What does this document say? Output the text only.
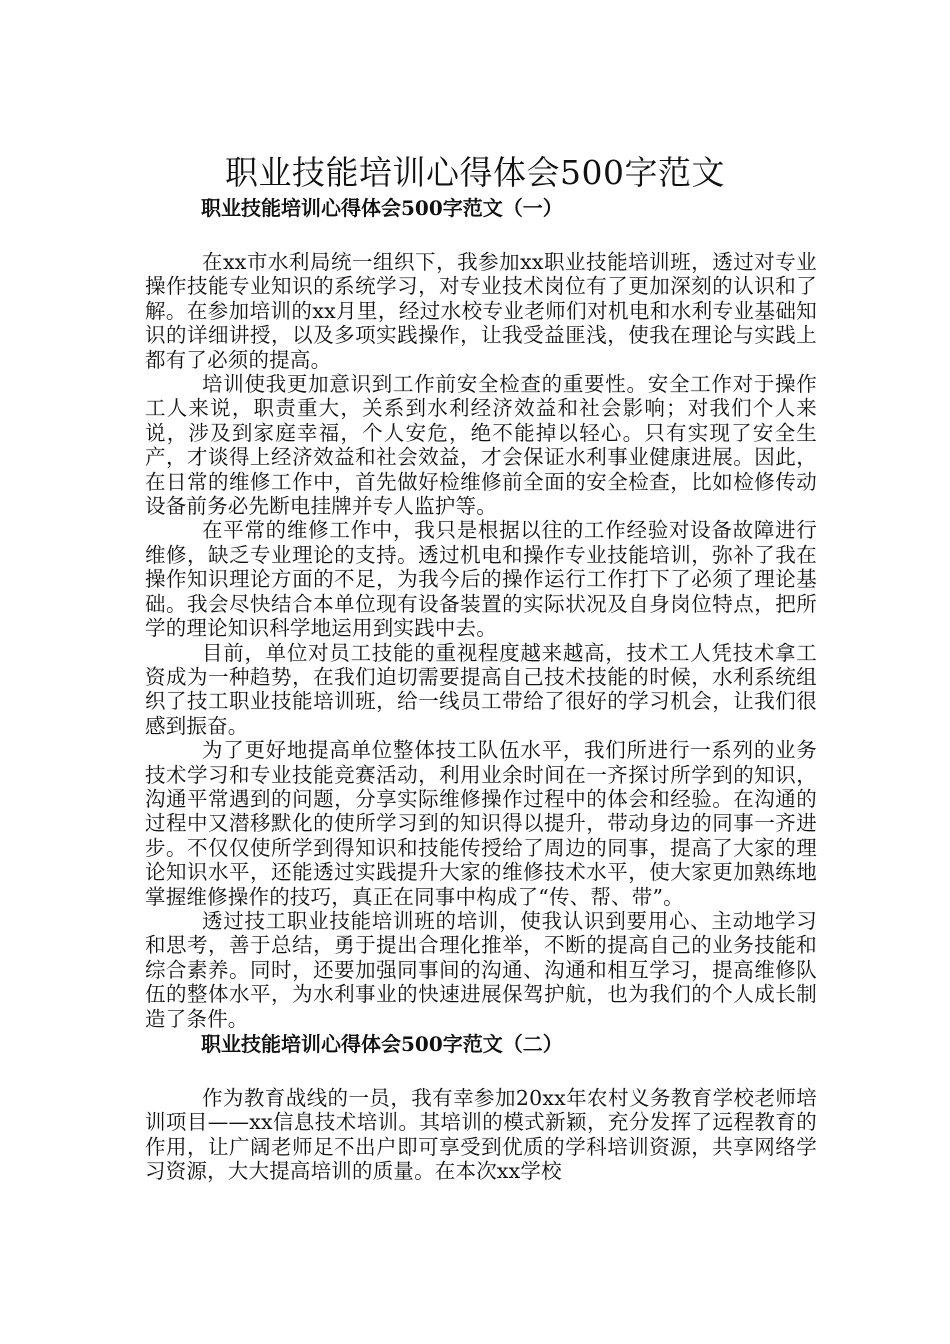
职业技能培训心得体会500字范文
职业技能培训心得体会500字范文（一）

在xx市水利局统一组织下，我参加xx职业技能培训班，透过对专业操作技能专业知识的系统学习，对专业技术岗位有了更加深刻的认识和了解。在参加培训的xx月里，经过水校专业老师们对机电和水利专业基础知识的详细讲授，以及多项实践操作，让我受益匪浅，使我在理论与实践上都有了必须的提高。

培训使我更加意识到工作前安全检查的重要性。安全工作对于操作工人来说，职责重大，关系到水利经济效益和社会影响；对我们个人来说，涉及到家庭幸福，个人安危，绝不能掉以轻心。只有实现了安全生产，才谈得上经济效益和社会效益，才会保证水利事业健康进展。因此，在日常的维修工作中，首先做好检维修前全面的安全检查，比如检修传动设备前务必先断电挂牌并专人监护等。

在平常的维修工作中，我只是根据以往的工作经验对设备故障进行维修，缺乏专业理论的支持。透过机电和操作专业技能培训，弥补了我在操作知识理论方面的不足，为我今后的操作运行工作打下了必须了理论基础。我会尽快结合本单位现有设备装置的实际状况及自身岗位特点，把所学的理论知识科学地运用到实践中去。

目前，单位对员工技能的重视程度越来越高，技术工人凭技术拿工资成为一种趋势，在我们迫切需要提高自己技术技能的时候，水利系统组织了技工职业技能培训班，给一线员工带给了很好的学习机会，让我们很感到振奋。

为了更好地提高单位整体技工队伍水平，我们所进行一系列的业务技术学习和专业技能竞赛活动，利用业余时间在一齐探讨所学到的知识，沟通平常遇到的问题，分享实际维修操作过程中的体会和经验。在沟通的过程中又潜移默化的使所学习到的知识得以提升，带动身边的同事一齐进步。不仅仅使所学到得知识和技能传授给了周边的同事，提高了大家的理论知识水平，还能透过实践提升大家的维修技术水平，使大家更加熟练地掌握维修操作的技巧，真正在同事中构成了“传、帮、带”。

透过技工职业技能培训班的培训，使我认识到要用心、主动地学习和思考，善于总结，勇于提出合理化推举，不断的提高自己的业务技能和综合素养。同时，还要加强同事间的沟通、沟通和相互学习，提高维修队伍的整体水平，为水利事业的快速进展保驾护航，也为我们的个人成长制造了条件。

职业技能培训心得体会500字范文（二）

作为教育战线的一员，我有幸参加20xx年农村义务教育学校老师培训项目——xx信息技术培训。其培训的模式新颖，充分发挥了远程教育的作用，让广阔老师足不出户即可享受到优质的学科培训资源，共享网络学习资源，大大提高培训的质量。在本次xx学校
